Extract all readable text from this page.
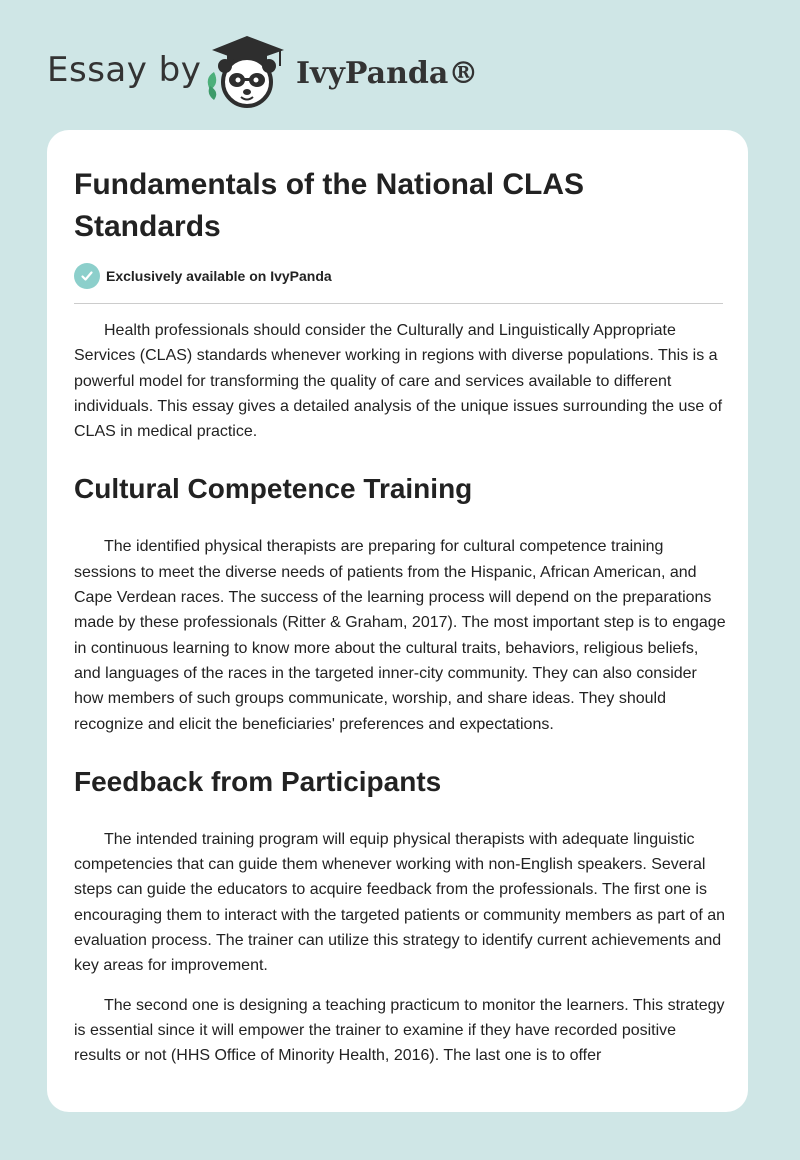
Essay by	IvyPanda®
Fundamentals of the National CLAS Standards
Exclusively available on IvyPanda

Health professionals should consider the Culturally and Linguistically Appropriate Services (CLAS) standards whenever working in regions with diverse populations. This is a powerful model for transforming the quality of care and services available to different individuals. This essay gives a detailed analysis of the unique issues surrounding the use of CLAS in medical practice.

Cultural Competence Training

The identified physical therapists are preparing for cultural competence training sessions to meet the diverse needs of patients from the Hispanic, African American, and Cape Verdean races. The success of the learning process will depend on the preparations made by these professionals (Ritter & Graham, 2017). The most important step is to engage in continuous learning to know more about the cultural traits, behaviors, religious beliefs, and languages of the races in the targeted inner-city community. They can also consider how members of such groups communicate, worship, and share ideas. They should recognize and elicit the beneficiaries' preferences and expectations.

Feedback from Participants

The intended training program will equip physical therapists with adequate linguistic competencies that can guide them whenever working with non-English speakers. Several steps can guide the educators to acquire feedback from the professionals. The first one is encouraging them to interact with the targeted patients or community members as part of an evaluation process. The trainer can utilize this strategy to identify current achievements and key areas for improvement.

The second one is designing a teaching practicum to monitor the learners. This strategy is essential since it will empower the trainer to examine if they have recorded positive results or not (HHS Office of Minority Health, 2016). The last one is to offer
